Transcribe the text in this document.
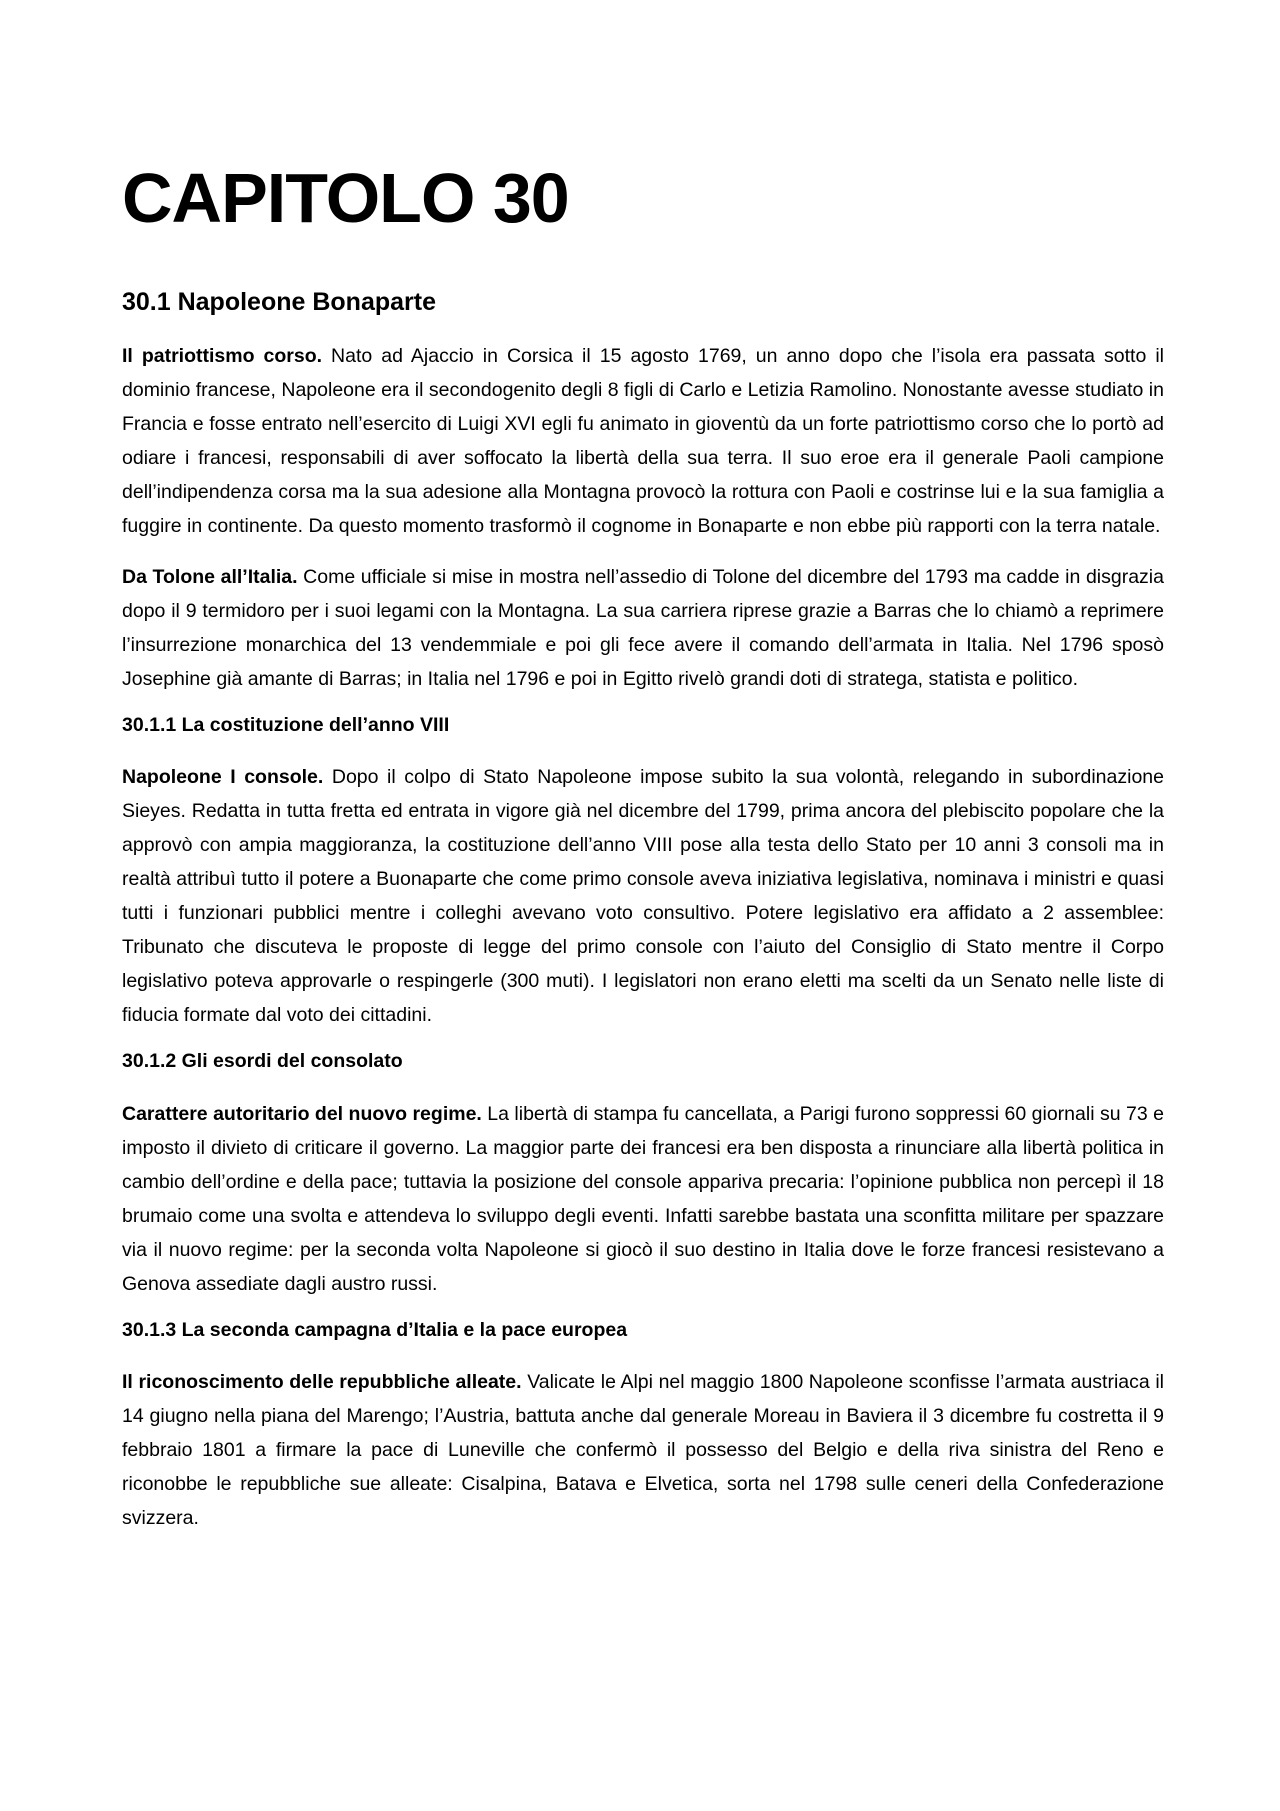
CAPITOLO 30
30.1 Napoleone Bonaparte

Il patriottismo corso. Nato ad Ajaccio in Corsica il 15 agosto 1769, un anno dopo che l’isola era passata sotto il dominio francese, Napoleone era il secondogenito degli 8 figli di Carlo e Letizia Ramolino. Nonostante avesse studiato in Francia e fosse entrato nell’esercito di Luigi XVI egli fu animato in gioventù da un forte patriottismo corso che lo portò ad odiare i francesi, responsabili di aver soffocato la libertà della sua terra. Il suo eroe era il generale Paoli campione dell’indipendenza corsa ma la sua adesione alla Montagna provocò la rottura con Paoli e costrinse lui e la sua famiglia a fuggire in continente. Da questo momento trasformò il cognome in Bonaparte e non ebbe più rapporti con la terra natale.

Da Tolone all’Italia. Come ufficiale si mise in mostra nell’assedio di Tolone del dicembre del 1793 ma cadde in disgrazia dopo il 9 termidoro per i suoi legami con la Montagna. La sua carriera riprese grazie a Barras che lo chiamò a reprimere l’insurrezione monarchica del 13 vendemmiale e poi gli fece avere il comando dell’armata in Italia. Nel 1796 sposò Josephine già amante di Barras; in Italia nel 1796 e poi in Egitto rivelò grandi doti di stratega, statista e politico.

30.1.1 La costituzione dell’anno VIII

Napoleone I console. Dopo il colpo di Stato Napoleone impose subito la sua volontà, relegando in subordinazione Sieyes. Redatta in tutta fretta ed entrata in vigore già nel dicembre del 1799, prima ancora del plebiscito popolare che la approvò con ampia maggioranza, la costituzione dell’anno VIII pose alla testa dello Stato per 10 anni 3 consoli ma in realtà attribuì tutto il potere a Buonaparte che come primo console aveva iniziativa legislativa, nominava i ministri e quasi tutti i funzionari pubblici mentre i colleghi avevano voto consultivo. Potere legislativo era affidato a 2 assemblee: Tribunato che discuteva le proposte di legge del primo console con l’aiuto del Consiglio di Stato mentre il Corpo legislativo poteva approvarle o respingerle (300 muti). I legislatori non erano eletti ma scelti da un Senato nelle liste di fiducia formate dal voto dei cittadini.

30.1.2 Gli esordi del consolato

Carattere autoritario del nuovo regime. La libertà di stampa fu cancellata, a Parigi furono soppressi 60 giornali su 73 e imposto il divieto di criticare il governo. La maggior parte dei francesi era ben disposta a rinunciare alla libertà politica in cambio dell’ordine e della pace; tuttavia la posizione del console appariva precaria: l’opinione pubblica non percepì il 18 brumaio come una svolta e attendeva lo sviluppo degli eventi. Infatti sarebbe bastata una sconfitta militare per spazzare via il nuovo regime: per la seconda volta Napoleone si giocò il suo destino in Italia dove le forze francesi resistevano a Genova assediate dagli austro russi.

30.1.3 La seconda campagna d’Italia e la pace europea

Il riconoscimento delle repubbliche alleate. Valicate le Alpi nel maggio 1800 Napoleone sconfisse l’armata austriaca il 14 giugno nella piana del Marengo; l’Austria, battuta anche dal generale Moreau in Baviera il 3 dicembre fu costretta il 9 febbraio 1801 a firmare la pace di Luneville che confermò il possesso del Belgio e della riva sinistra del Reno e riconobbe le repubbliche sue alleate: Cisalpina, Batava e Elvetica, sorta nel 1798 sulle ceneri della Confederazione svizzera.
